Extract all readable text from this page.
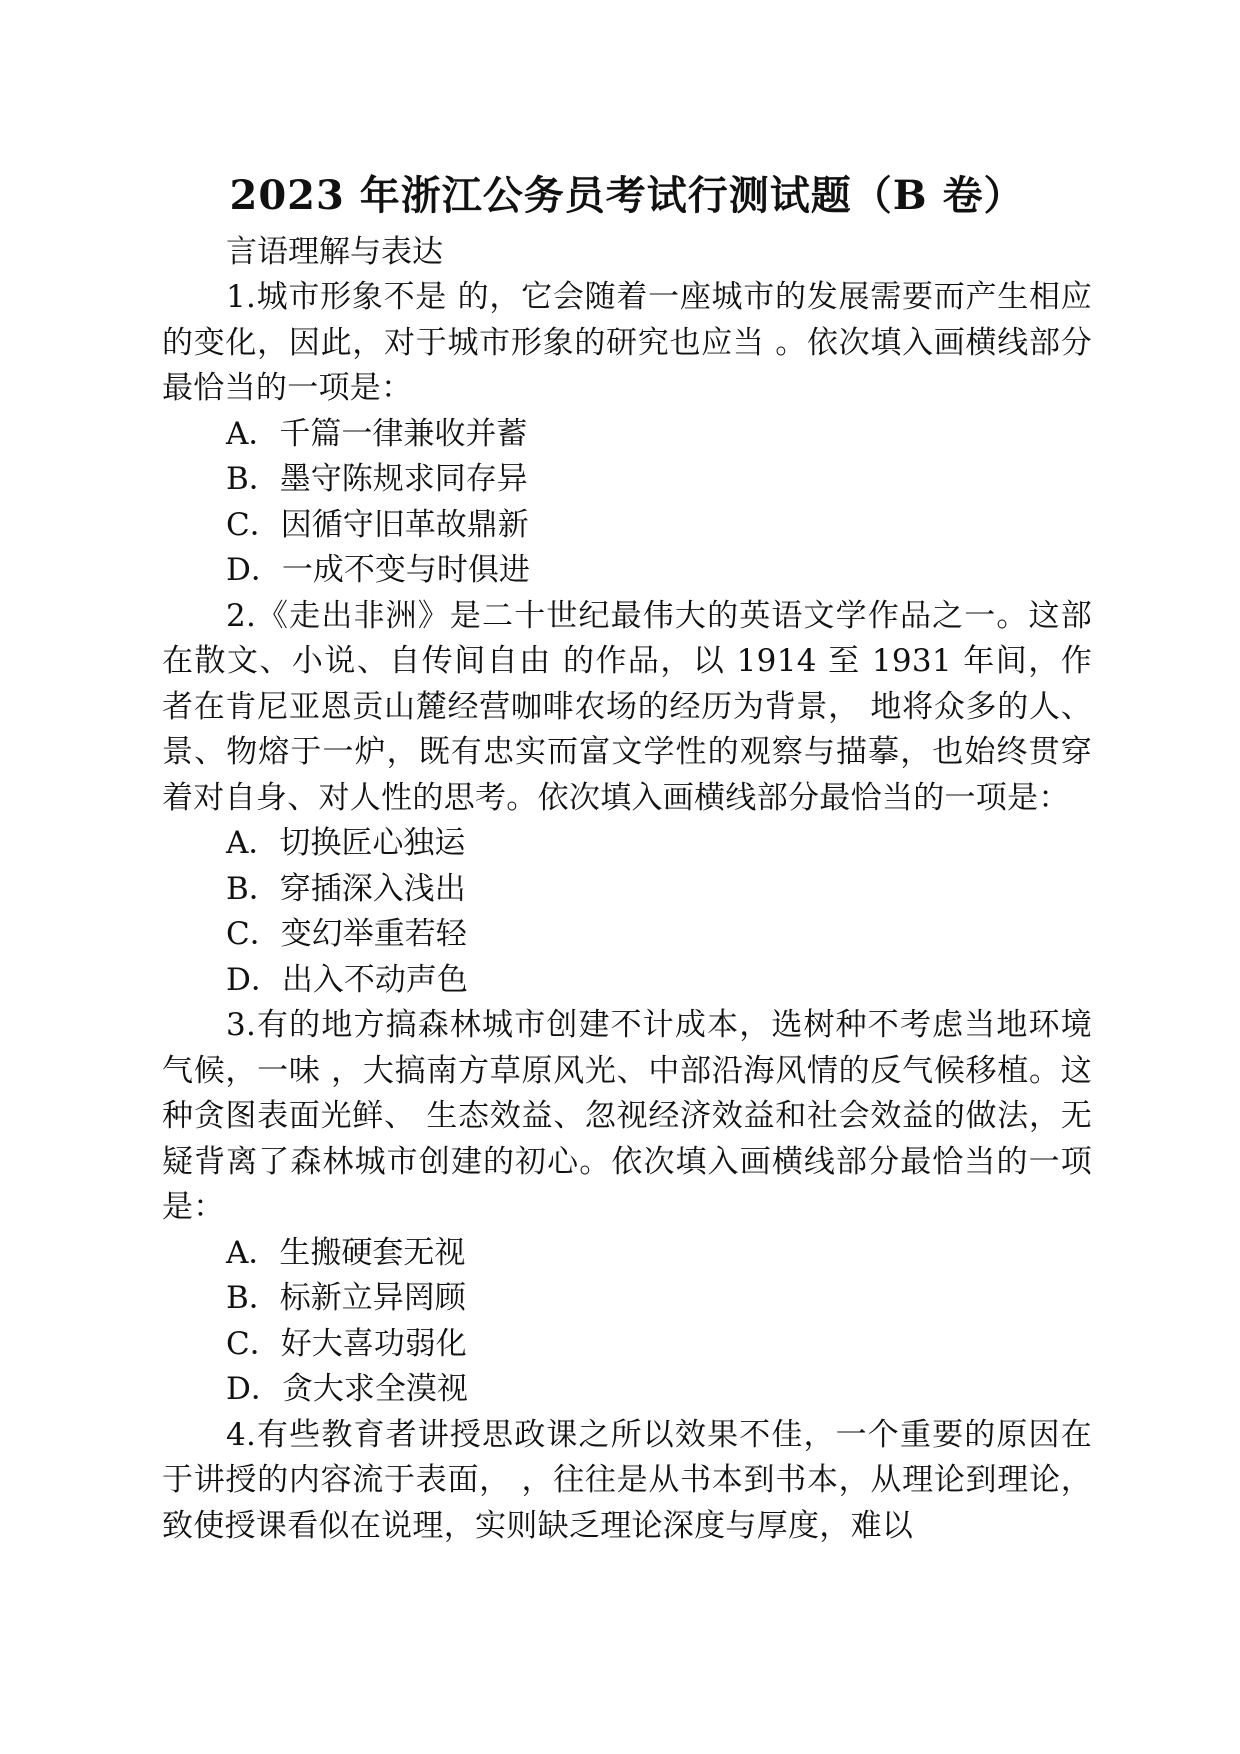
2023 年浙江公务员考试行测试题（B 卷）

言语理解与表达

1.城市形象不是 的，它会随着一座城市的发展需要而产生相应的变化，因此，对于城市形象的研究也应当 。依次填入画横线部分最恰当的一项是：

A．千篇一律兼收并蓄

B．墨守陈规求同存异

C．因循守旧革故鼎新

D．一成不变与时俱进

2.《走出非洲》是二十世纪最伟大的英语文学作品之一。这部在散文、小说、自传间自由 的作品，以 1914 至 1931 年间，作者在肯尼亚恩贡山麓经营咖啡农场的经历为背景， 地将众多的人、景、物熔于一炉，既有忠实而富文学性的观察与描摹，也始终贯穿着对自身、对人性的思考。依次填入画横线部分最恰当的一项是：

A．切换匠心独运

B．穿插深入浅出

C．变幻举重若轻

D．出入不动声色

3.有的地方搞森林城市创建不计成本，选树种不考虑当地环境气候，一味 ，大搞南方草原风光、中部沿海风情的反气候移植。这种贪图表面光鲜、 生态效益、忽视经济效益和社会效益的做法，无疑背离了森林城市创建的初心。依次填入画横线部分最恰当的一项是：

A．生搬硬套无视

B．标新立异罔顾

C．好大喜功弱化

D．贪大求全漠视

4.有些教育者讲授思政课之所以效果不佳，一个重要的原因在于讲授的内容流于表面， ，往往是从书本到书本，从理论到理论，致使授课看似在说理，实则缺乏理论深度与厚度，难以
